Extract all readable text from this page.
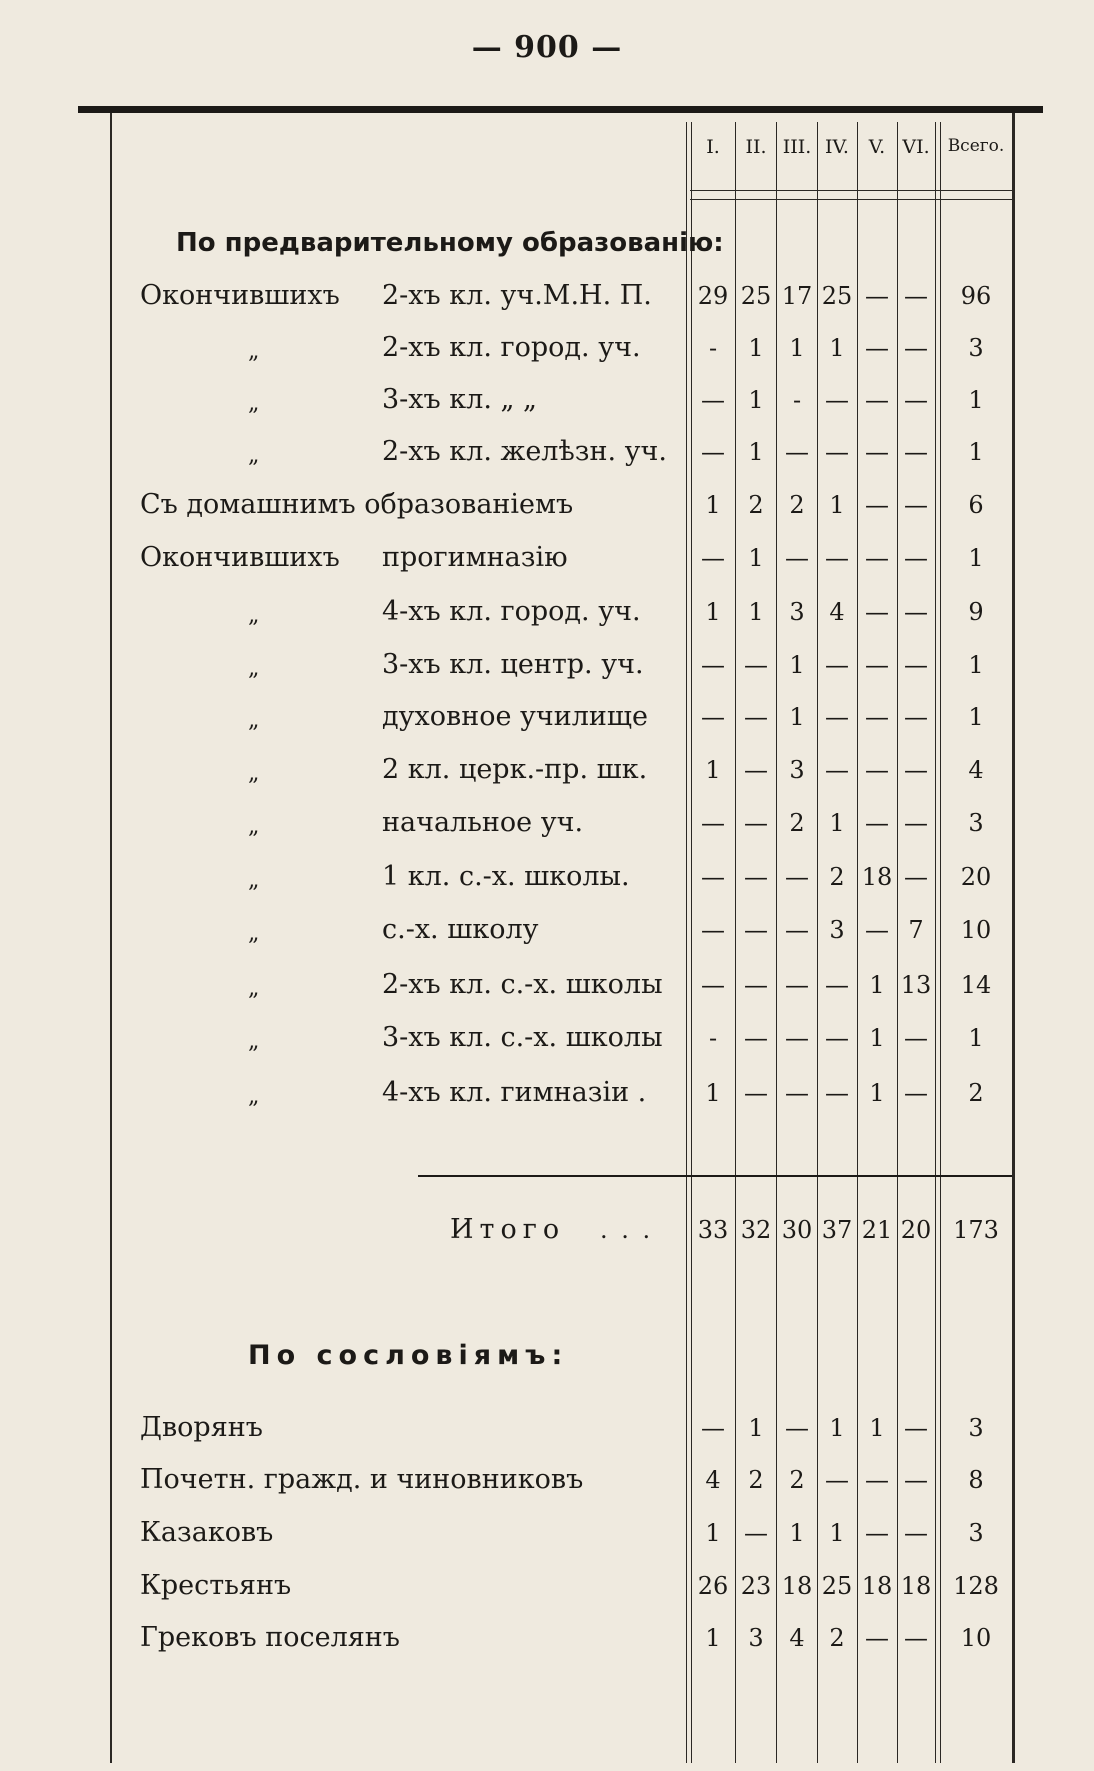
— 900 —
I.	II. III. IV.	V. VI.	Всего.
По предварительному образованію:
Окончившихъ 2-хъ кл. уч.М.Н. П. 29 25 17 25 — —	96
„	2-хъ кл. город. уч.	-	1	1	1 — —	3
„	3-хъ кл. „ „	— 1	- — — —	1
„	2-хъ кл. желѣзн. уч.	— 1 — — — —	1
Съ домашнимъ образованіемъ	1	2	2	1 — —	6
Окончившихъ прогимназію	— 1 — — — —	1
„	4-хъ кл. город. уч.	1	1	3	4 — —	9
„	3-хъ кл. центр. уч.	— — 1 — — —	1
„	духовное училище	— — 1 — — —	1
„	2 кл. церк.-пр. шк.	1 — 3 — — —	4
„	начальное уч.	— — 2	1 — —	3
„	1 кл. с.-х. школы.	— — — 2 18 —	20
„	с.-х. школу	— — — 3 — 7	10
„	2-хъ кл. с.-х. школы	— — — — 1 13	14
„	3-хъ кл. с.-х. школы	-	— — — 1 —	1
„	4-хъ кл. гимназіи .	1 — — — 1 —	2
Итого . . . 33 32 30 37 21 20 173
По сословіямъ:
Дворянъ	— 1 — 1	1 —	3
Почетн. гражд. и чиновниковъ	4	2	2 — — —	8
Казаковъ	1 — 1	1 — —	3
Крестьянъ	26 23 18 25 18 18 128
Грековъ поселянъ	1	3	4	2 — —	10
